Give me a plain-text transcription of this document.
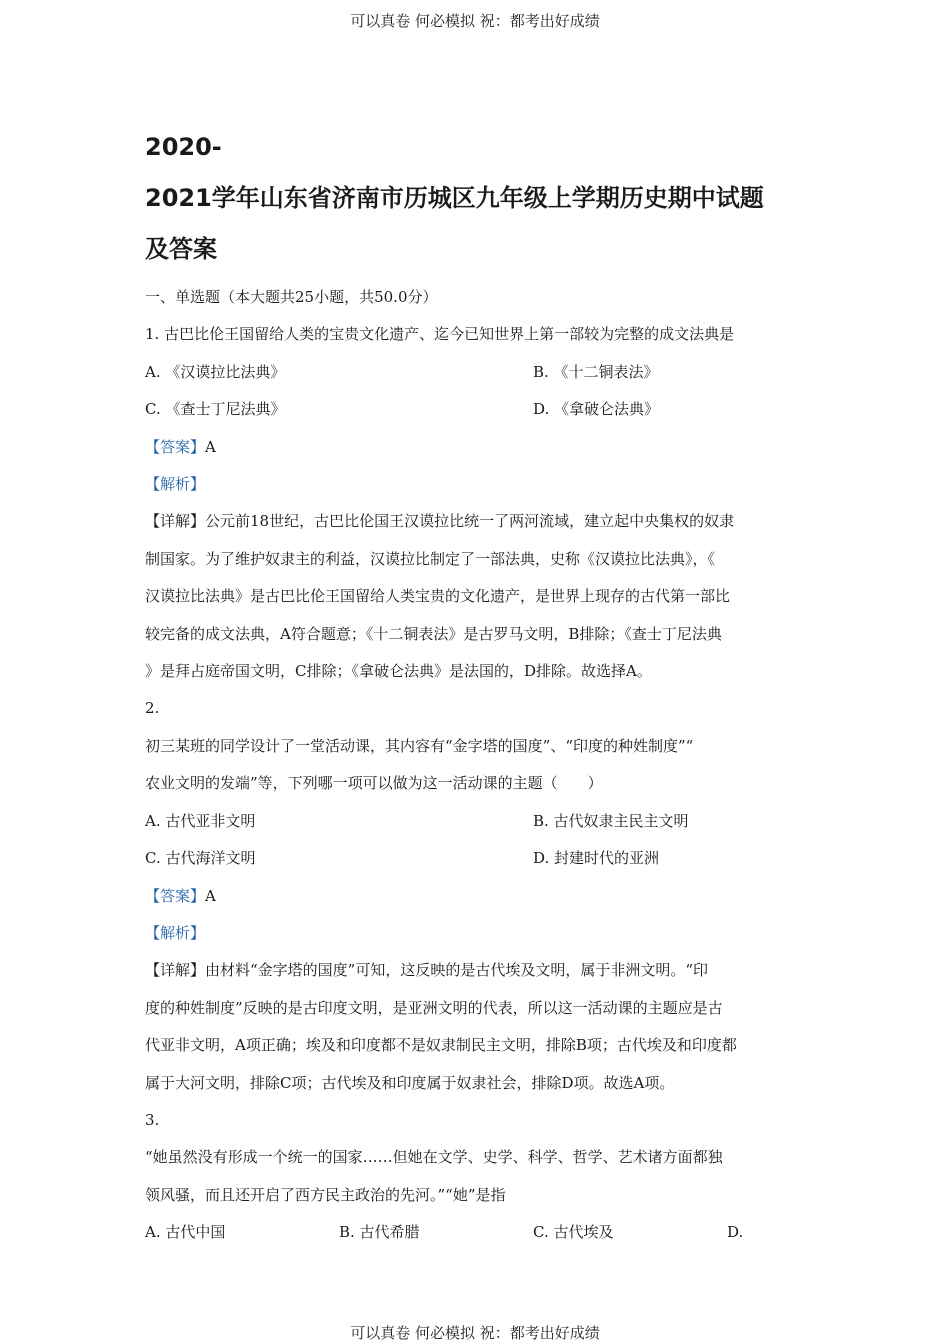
可以真卷 何必模拟 祝：都考出好成绩
2020-
2021学年山东省济南市历城区九年级上学期历史期中试题
及答案
一、单选题（本大题共25小题，共50.0分）
1. 古巴比伦王国留给人类的宝贵文化遗产、迄今已知世界上第一部较为完整的成文法典是
A. 《汉谟拉比法典》	B. 《十二铜表法》
C. 《查士丁尼法典》	D. 《拿破仑法典》
【答案】A
【解析】
【详解】公元前18世纪，古巴比伦国王汉谟拉比统一了两河流域，建立起中央集权的奴隶
制国家。为了维护奴隶主的利益，汉谟拉比制定了一部法典，史称《汉谟拉比法典》，《
汉谟拉比法典》是古巴比伦王国留给人类宝贵的文化遗产，是世界上现存的古代第一部比
较完备的成文法典，A符合题意；《十二铜表法》是古罗马文明，B排除；《查士丁尼法典
》是拜占庭帝国文明，C排除；《拿破仑法典》是法国的，D排除。故选择A。
2.
初三某班的同学设计了一堂活动课，其内容有“金字塔的国度”、“印度的种姓制度”“
农业文明的发端”等，下列哪一项可以做为这一活动课的主题（　　）
A. 古代亚非文明	B. 古代奴隶主民主文明
C. 古代海洋文明	D. 封建时代的亚洲
【答案】A
【解析】
【详解】由材料“金字塔的国度”可知，这反映的是古代埃及文明，属于非洲文明。“印
度的种姓制度”反映的是古印度文明，是亚洲文明的代表，所以这一活动课的主题应是古
代亚非文明，A项正确；埃及和印度都不是奴隶制民主文明，排除B项；古代埃及和印度都
属于大河文明，排除C项；古代埃及和印度属于奴隶社会，排除D项。故选A项。
3.
“她虽然没有形成一个统一的国家……但她在文学、史学、科学、哲学、艺术诸方面都独
领风骚，而且还开启了西方民主政治的先河。”“她”是指
A. 古代中国	B. 古代希腊	C. 古代埃及	D.
可以真卷 何必模拟 祝：都考出好成绩
